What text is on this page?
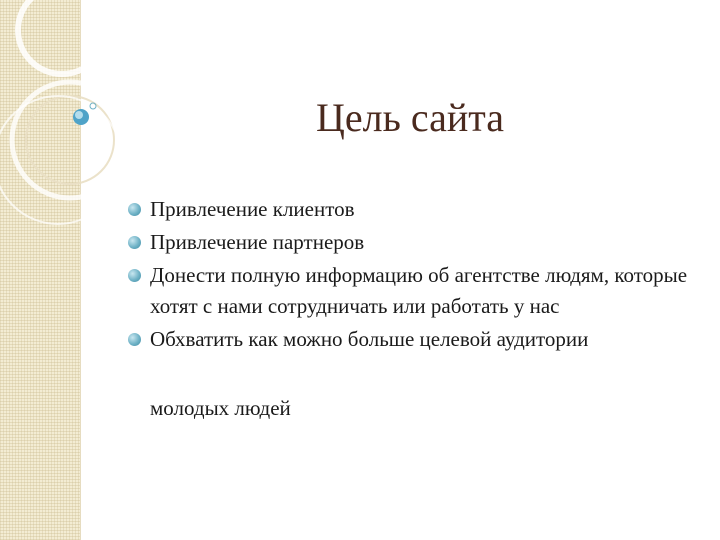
Цель сайта
Привлечение клиентов
Привлечение партнеров
Донести полную информацию об агентстве людям, которые хотят с нами сотрудничать или работать у нас
Обхватить как можно больше целевой аудитории
молодых людей
